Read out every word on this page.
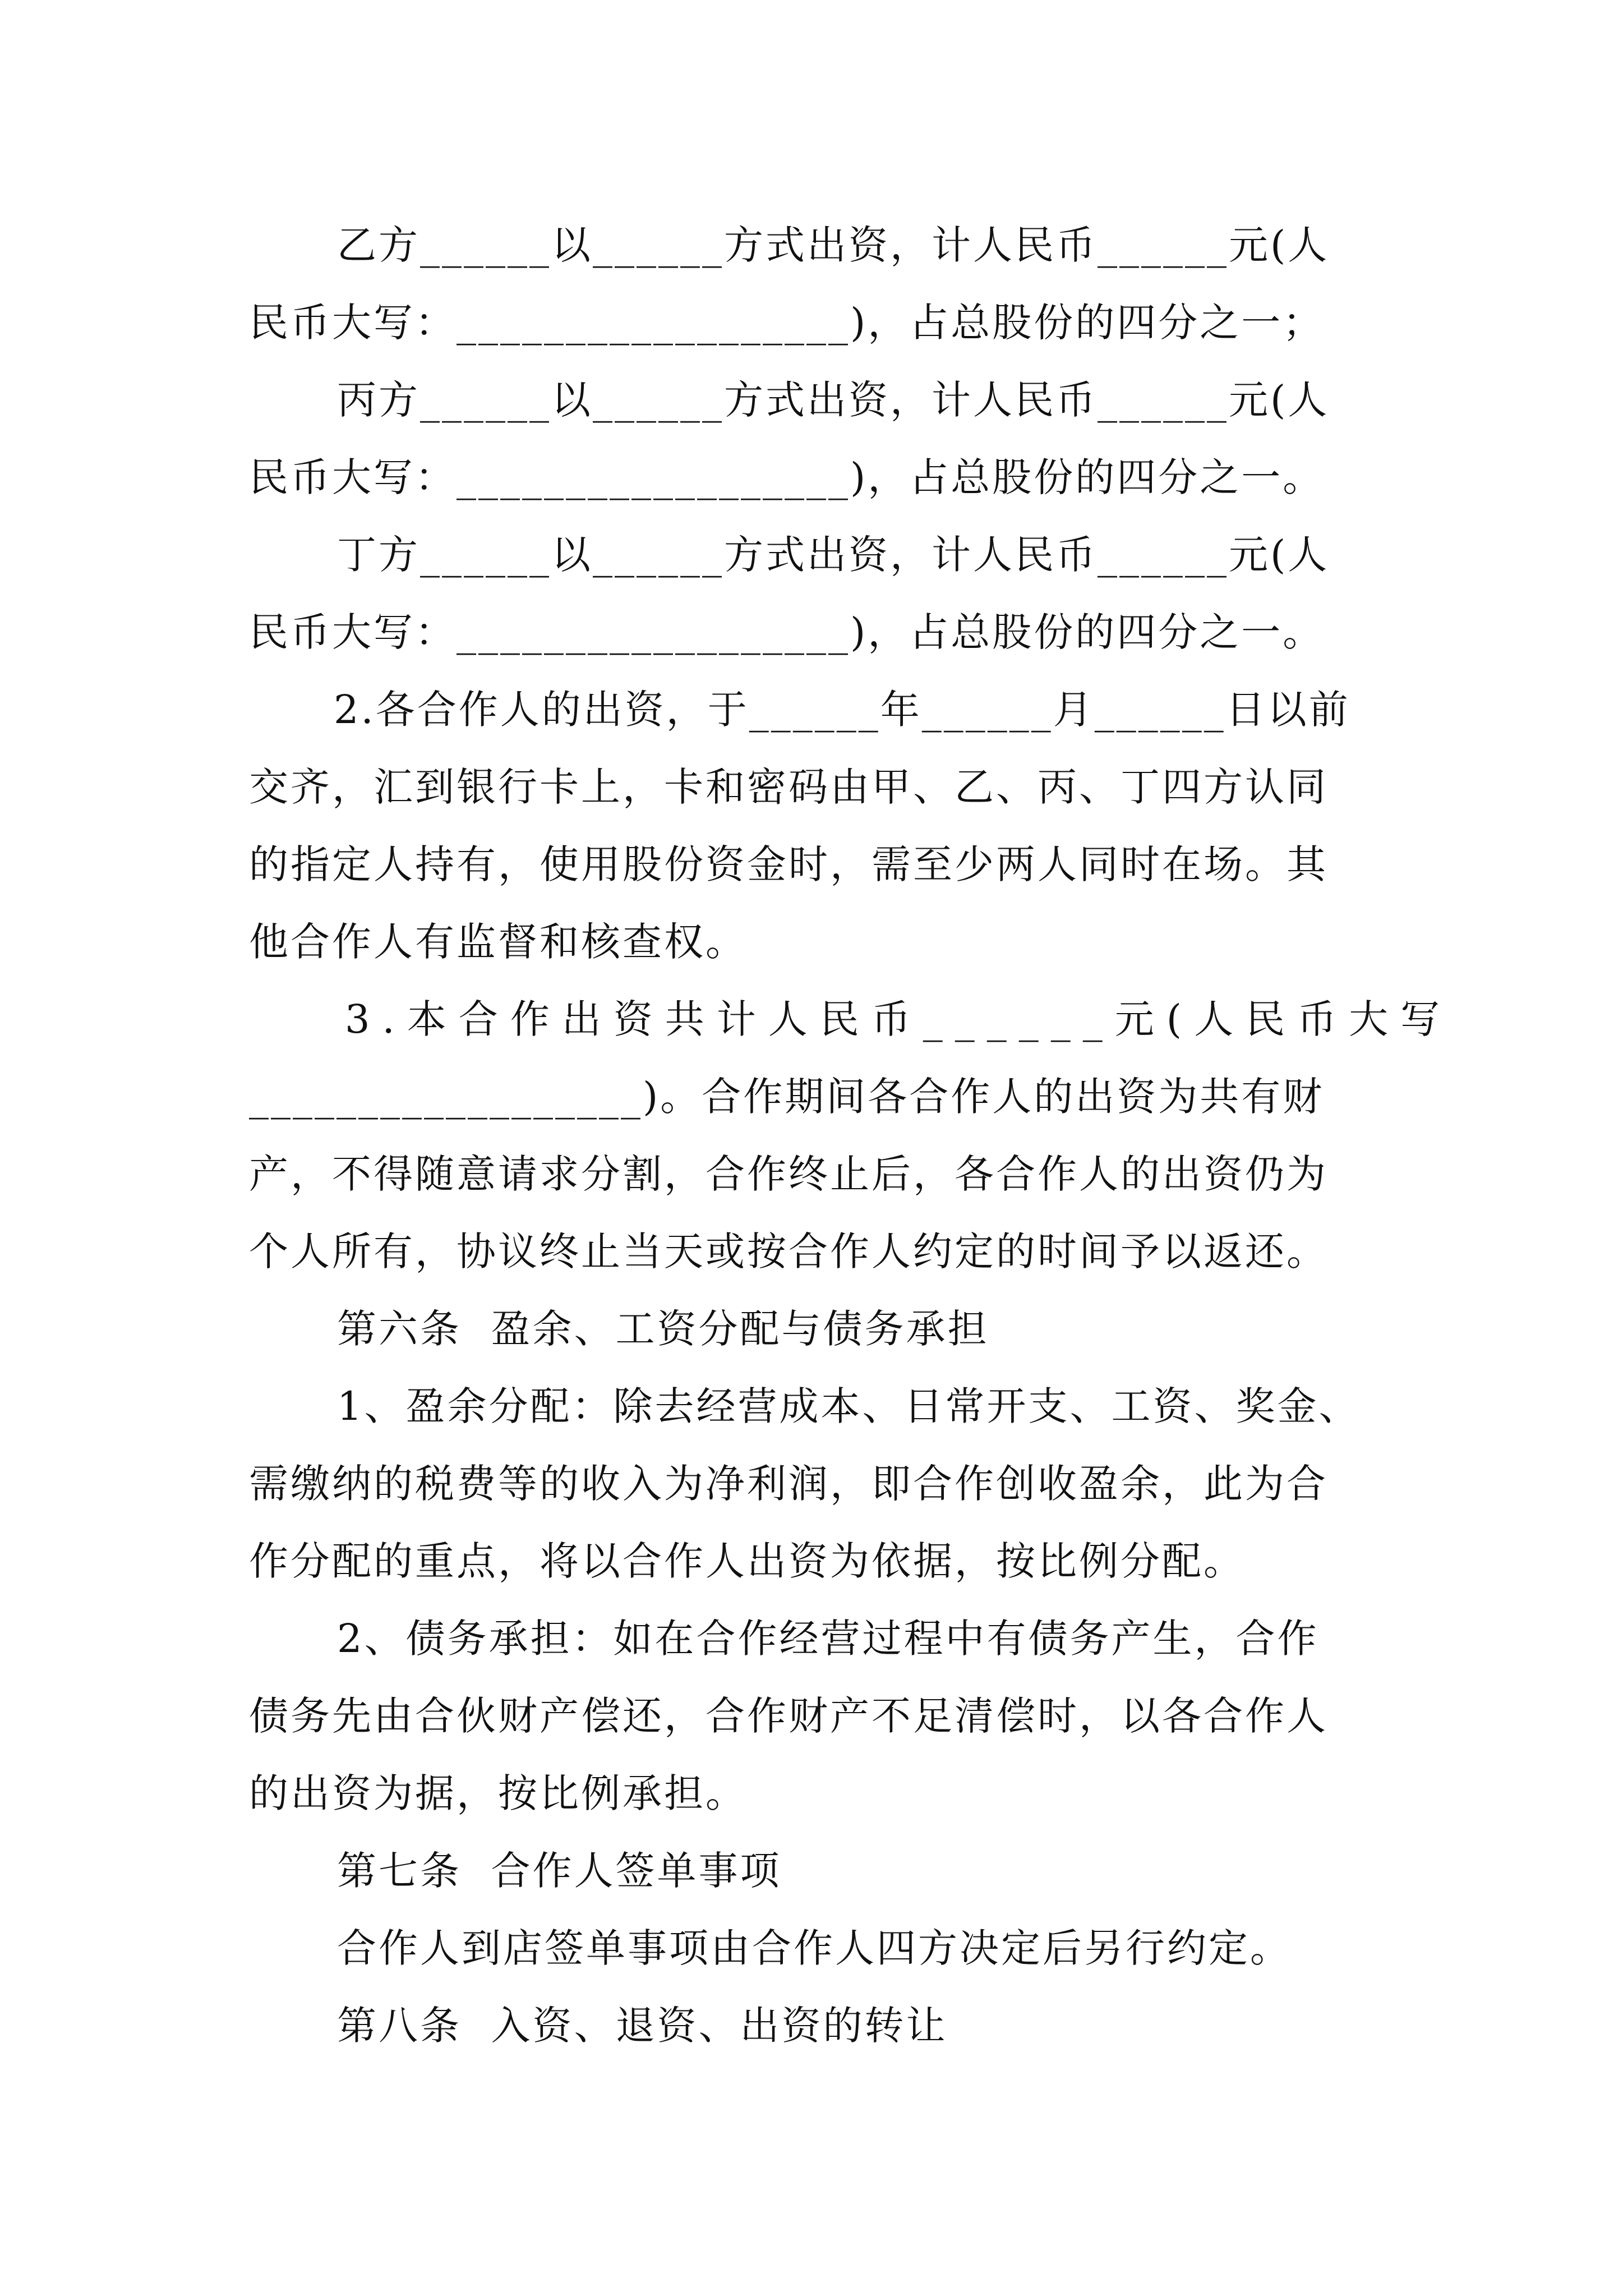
乙方______以______方式出资，计人民币______元(人
民币大写：__________________)，占总股份的四分之一；
丙方______以______方式出资，计人民币______元(人
民币大写：__________________)，占总股份的四分之一。
丁方______以______方式出资，计人民币______元(人
民币大写：__________________)，占总股份的四分之一。
2.各合作人的出资，于______年______月______日以前
交齐，汇到银行卡上，卡和密码由甲、乙、丙、丁四方认同
的指定人持有，使用股份资金时，需至少两人同时在场。其
他合作人有监督和核查权。
3.本合作出资共计人民币______元(人民币大写
__________________)。合作期间各合作人的出资为共有财
产，不得随意请求分割，合作终止后，各合作人的出资仍为
个人所有，协议终止当天或按合作人约定的时间予以返还。
第六条  盈余、工资分配与债务承担
1、盈余分配：除去经营成本、日常开支、工资、奖金、
需缴纳的税费等的收入为净利润，即合作创收盈余，此为合
作分配的重点，将以合作人出资为依据，按比例分配。
2、债务承担：如在合作经营过程中有债务产生，合作
债务先由合伙财产偿还，合作财产不足清偿时，以各合作人
的出资为据，按比例承担。
第七条  合作人签单事项
合作人到店签单事项由合作人四方决定后另行约定。
第八条  入资、退资、出资的转让
